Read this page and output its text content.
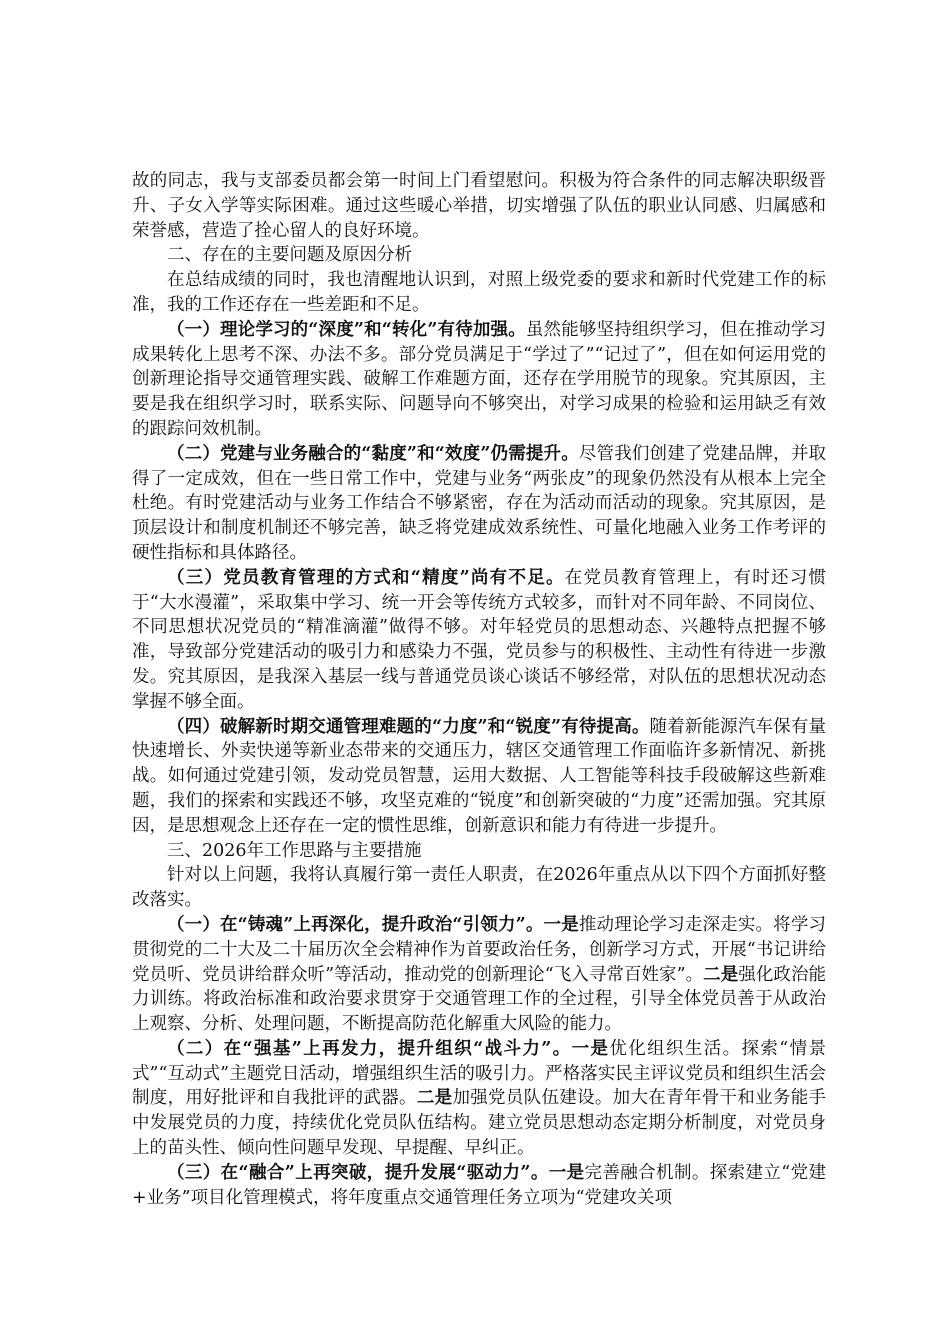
故的同志，我与支部委员都会第一时间上门看望慰问。积极为符合条件的同志解决职级晋升、子女入学等实际困难。通过这些暖心举措，切实增强了队伍的职业认同感、归属感和荣誉感，营造了拴心留人的良好环境。

二、存在的主要问题及原因分析

在总结成绩的同时，我也清醒地认识到，对照上级党委的要求和新时代党建工作的标准，我的工作还存在一些差距和不足。

（一）理论学习的“深度”和“转化”有待加强。虽然能够坚持组织学习，但在推动学习成果转化上思考不深、办法不多。部分党员满足于“学过了”“记过了”，但在如何运用党的创新理论指导交通管理实践、破解工作难题方面，还存在学用脱节的现象。究其原因，主要是我在组织学习时，联系实际、问题导向不够突出，对学习成果的检验和运用缺乏有效的跟踪问效机制。

（二）党建与业务融合的“黏度”和“效度”仍需提升。尽管我们创建了党建品牌，并取得了一定成效，但在一些日常工作中，党建与业务“两张皮”的现象仍然没有从根本上完全杜绝。有时党建活动与业务工作结合不够紧密，存在为活动而活动的现象。究其原因，是顶层设计和制度机制还不够完善，缺乏将党建成效系统性、可量化地融入业务工作考评的硬性指标和具体路径。

（三）党员教育管理的方式和“精度”尚有不足。在党员教育管理上，有时还习惯于“大水漫灌”，采取集中学习、统一开会等传统方式较多，而针对不同年龄、不同岗位、不同思想状况党员的“精准滴灌”做得不够。对年轻党员的思想动态、兴趣特点把握不够准，导致部分党建活动的吸引力和感染力不强，党员参与的积极性、主动性有待进一步激发。究其原因，是我深入基层一线与普通党员谈心谈话不够经常，对队伍的思想状况动态掌握不够全面。

（四）破解新时期交通管理难题的“力度”和“锐度”有待提高。随着新能源汽车保有量快速增长、外卖快递等新业态带来的交通压力，辖区交通管理工作面临许多新情况、新挑战。如何通过党建引领，发动党员智慧，运用大数据、人工智能等科技手段破解这些新难题，我们的探索和实践还不够，攻坚克难的“锐度”和创新突破的“力度”还需加强。究其原因，是思想观念上还存在一定的惯性思维，创新意识和能力有待进一步提升。

三、2026年工作思路与主要措施

针对以上问题，我将认真履行第一责任人职责，在2026年重点从以下四个方面抓好整改落实。

（一）在“铸魂”上再深化，提升政治“引领力”。一是推动理论学习走深走实。将学习贯彻党的二十大及二十届历次全会精神作为首要政治任务，创新学习方式，开展“书记讲给党员听、党员讲给群众听”等活动，推动党的创新理论“飞入寻常百姓家”。二是强化政治能力训练。将政治标准和政治要求贯穿于交通管理工作的全过程，引导全体党员善于从政治上观察、分析、处理问题，不断提高防范化解重大风险的能力。

（二）在“强基”上再发力，提升组织“战斗力”。一是优化组织生活。探索“情景式”“互动式”主题党日活动，增强组织生活的吸引力。严格落实民主评议党员和组织生活会制度，用好批评和自我批评的武器。二是加强党员队伍建设。加大在青年骨干和业务能手中发展党员的力度，持续优化党员队伍结构。建立党员思想动态定期分析制度，对党员身上的苗头性、倾向性问题早发现、早提醒、早纠正。

（三）在“融合”上再突破，提升发展“驱动力”。一是完善融合机制。探索建立“党建+业务”项目化管理模式，将年度重点交通管理任务立项为“党建攻关项
